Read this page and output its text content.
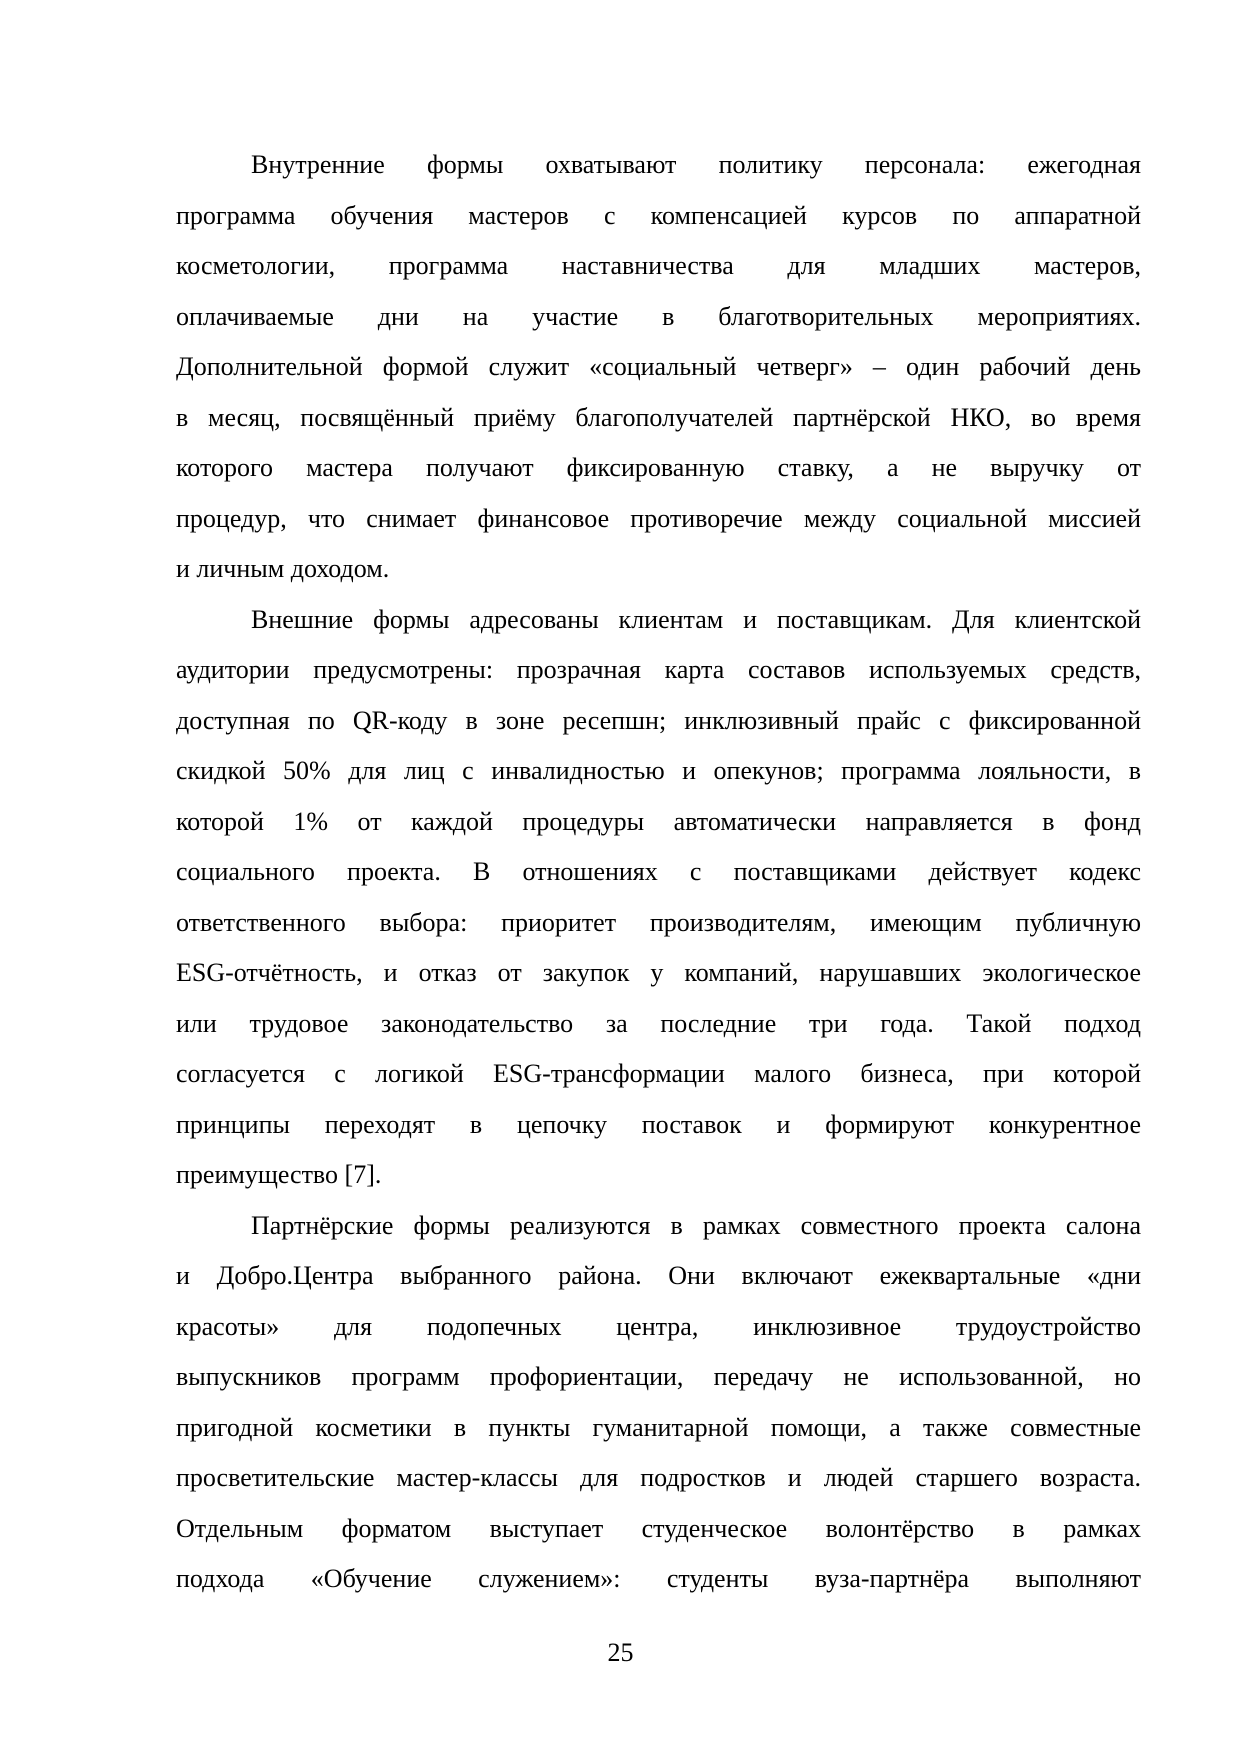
Внутренние формы охватывают политику персонала: ежегодная
программа обучения мастеров с компенсацией курсов по аппаратной
косметологии, программа наставничества для младших мастеров,
оплачиваемые дни на участие в благотворительных мероприятиях.
Дополнительной формой служит «социальный четверг» – один рабочий день
в месяц, посвящённый приёму благополучателей партнёрской НКО, во время
которого мастера получают фиксированную ставку, а не выручку от
процедур, что снимает финансовое противоречие между социальной миссией
и личным доходом.
Внешние формы адресованы клиентам и поставщикам. Для клиентской
аудитории предусмотрены: прозрачная карта составов используемых средств,
доступная по QR-коду в зоне ресепшн; инклюзивный прайс с фиксированной
скидкой 50% для лиц с инвалидностью и опекунов; программа лояльности, в
которой 1% от каждой процедуры автоматически направляется в фонд
социального проекта. В отношениях с поставщиками действует кодекс
ответственного выбора: приоритет производителям, имеющим публичную
ESG-отчётность, и отказ от закупок у компаний, нарушавших экологическое
или трудовое законодательство за последние три года. Такой подход
согласуется с логикой ESG-трансформации малого бизнеса, при которой
принципы переходят в цепочку поставок и формируют конкурентное
преимущество [7].
Партнёрские формы реализуются в рамках совместного проекта салона
и Добро.Центра выбранного района. Они включают ежеквартальные «дни
красоты» для подопечных центра, инклюзивное трудоустройство
выпускников программ профориентации, передачу не использованной, но
пригодной косметики в пункты гуманитарной помощи, а также совместные
просветительские мастер-классы для подростков и людей старшего возраста.
Отдельным форматом выступает студенческое волонтёрство в рамках
подхода «Обучение служением»: студенты вуза-партнёра выполняют
25
